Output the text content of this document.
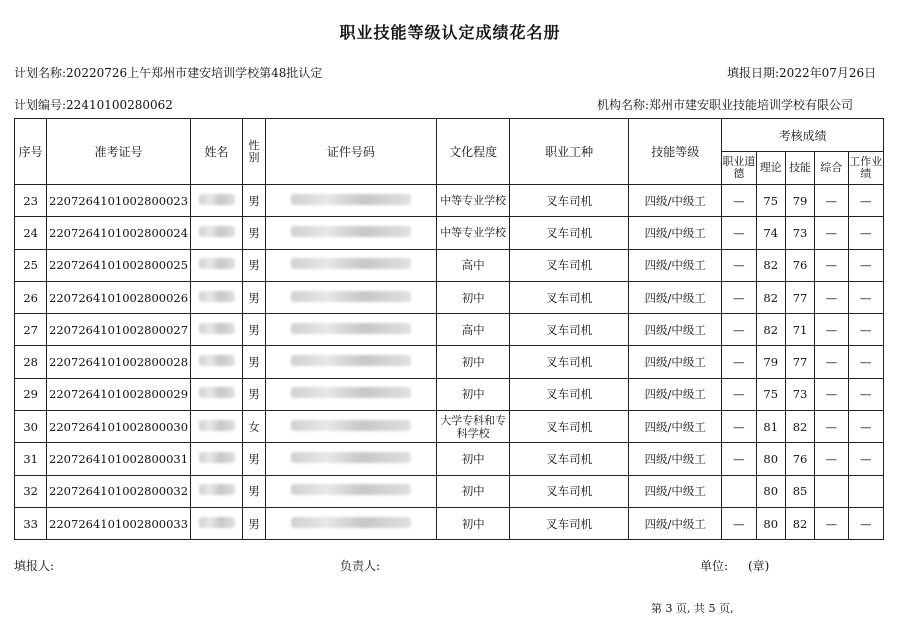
职业技能等级认定成绩花名册
计划名称:20220726上午郑州市建安培训学校第48批认定	填报日期:2022年07月26日
计划编号:22410100280062	机构名称:郑州市建安职业技能培训学校有限公司
序号	准考证号	姓名	性别	证件号码	文化程度	职业工种	技能等级	考核成绩				
								职业道德	理论	技能	综合	工作业绩
23	2207264101002800023		男		中等专业学校	叉车司机	四级/中级工	—	75	79	—	—
24	2207264101002800024		男		中等专业学校	叉车司机	四级/中级工	—	74	73	—	—
25	2207264101002800025		男		高中	叉车司机	四级/中级工	—	82	76	—	—
26	2207264101002800026		男		初中	叉车司机	四级/中级工	—	82	77	—	—
27	2207264101002800027		男		高中	叉车司机	四级/中级工	—	82	71	—	—
28	2207264101002800028		男		初中	叉车司机	四级/中级工	—	79	77	—	—
29	2207264101002800029		男		初中	叉车司机	四级/中级工	—	75	73	—	—
30	2207264101002800030		女		大学专科和专科学校	叉车司机	四级/中级工	—	81	82	—	—
31	2207264101002800031		男		初中	叉车司机	四级/中级工	—	80	76	—	—
32	2207264101002800032		男		初中	叉车司机	四级/中级工		80	85		
33	2207264101002800033		男		初中	叉车司机	四级/中级工	—	80	82	—	—
填报人:	负责人:	单位: (章)
第 3 页, 共 5 页,
